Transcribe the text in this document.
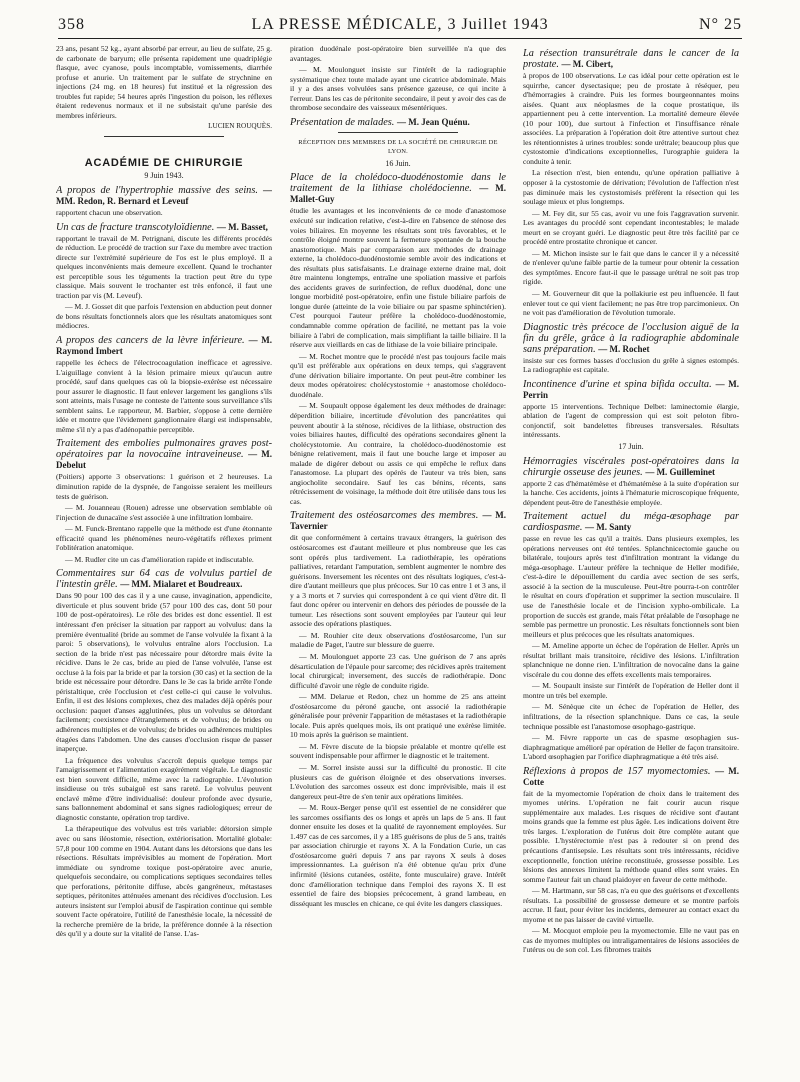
358	LA PRESSE MÉDICALE, 3 Juillet 1943	N° 25

23 ans, pesant 52 kg., ayant absorbé par erreur, au lieu de sulfate, 25 g. de carbonate de baryum; elle présenta rapidement une quadriplégie flasque, avec cyanose, pouls incomptable, vomissements, diarrhée profuse et anurie. Un traitement par le sulfate de strychnine en injections (24 mg. en 18 heures) fut institué et la régression des troubles fut rapide; 54 heures après l'ingestion du poison, les réflexes étaient redevenus normaux et il ne subsistait qu'une parésie des membres inférieurs.

LUCIEN ROUQUÈS.
ACADÉMIE DE CHIRURGIE
9 Juin 1943.
A propos de l'hypertrophie massive des seins. — MM. Redon, R. Bernard et Leveuf

rapportent chacun une observation.

Un cas de fracture transcotyloïdienne. — M. Basset,

rapportant le travail de M. Petrignani, discute les différents procédés de réduction. Le procédé de traction sur l'axe du membre avec traction directe sur l'extrémité supérieure de l'os est le plus employé. Il a quelques inconvénients mais demeure excellent. Quand le trochanter est perceptible sous les téguments la traction peut être du type classique. Mais souvent le trochanter est très enfoncé, il faut une traction par vis (M. Leveuf).

— M. J. Gosset dit que parfois l'extension en abduction peut donner de bons résultats fonctionnels alors que les résultats anatomiques sont médiocres.

A propos des cancers de la lèvre inférieure. — M. Raymond Imbert

rappelle les échecs de l'électrocoagulation inefficace et agressive. L'aiguillage convient à la lésion primaire mieux qu'aucun autre procédé, sauf dans quelques cas où la biopsie-exérèse est nécessaire pour assurer le diagnostic. Il faut enlever largement les ganglions s'ils sont atteints, mais l'usage ne conteste de l'attente sous surveillance s'ils semblent sains. Le rapporteur, M. Barbier, s'oppose à cette dernière idée et montre que l'évidement ganglionnaire élargi est indispensable, même s'il n'y a pas d'adénopathie perceptible.

Traitement des embolies pulmonaires graves post-opératoires par la novocaïne intraveineuse. — M. Debelut

(Poitiers) apporte 3 observations: 1 guérison et 2 heureuses. La diminution rapide de la dyspnée, de l'angoisse seraient les meilleurs tests de guérison.

— M. Jouanneau (Rouen) adresse une observation semblable où l'injection de dunacaïne s'est associée à une infiltration lombaire.

— M. Funck-Brentano rappelle que la méthode est d'une étonnante efficacité quand les phénomènes neuro-végétatifs réflexes priment l'oblitération anatomique.

— M. Rudler cite un cas d'amélioration rapide et indiscutable.

Commentaires sur 64 cas de volvulus partiel de l'intestin grêle. — MM. Mialaret et Boudreaux.

Dans 90 pour 100 des cas il y a une cause, invagination, appendicite, diverticule et plus souvent bride (57 pour 100 des cas, dont 50 pour 100 de post-opératoires). Le rôle des brides est donc essentiel. Il est intéressant d'en préciser la situation par rapport au volvulus: dans la première éventualité (bride au sommet de l'anse volvulée la fixant à la paroi: 5 observations), le volvulus entraîne alors l'occlusion. La section de la bride n'est pas nécessaire pour détordre mais évite la récidive. Dans le 2e cas, bride au pied de l'anse volvulée, l'anse est occluse à la fois par la bride et par la torsion (30 cas) et la section de la bride est nécessaire pour détordre. Dans le 3e cas la bride arrête l'onde péristaltique, crée l'occlusion et c'est celle-ci qui cause le volvulus. Enfin, il est des lésions complexes, chez des malades déjà opérés pour occlusion: paquet d'anses agglutinées, plus un volvulus se détordant facilement; coexistence d'étranglements et de volvulus; de brides ou adhérences multiples et de volvulus; de brides ou adhérences multiples étagées dans l'abdomen. Une des causes d'occlusion risque de passer inaperçue.

La fréquence des volvulus s'accroît depuis quelque temps par l'amaigrissement et l'alimentation exagérément végétale. Le diagnostic est bien souvent difficile, même avec la radiographie. L'évolution insidieuse ou très subaiguë est sans rareté. Le volvulus peuvent enclavé même d'être individualisé: douleur profonde avec dysurie, sans ballonnement abdominal et sans signes radiologiques; erreur de diagnostic constante, opération trop tardive.

La thérapeutique des volvulus est très variable: détorsion simple avec ou sans iléostomie, résection, extériorisation. Mortalité globale: 57,8 pour 100 comme en 1904. Autant dans les détorsions que dans les résections. Résultats imprévisibles au moment de l'opération. Mort immédiate ou syndrome toxique post-opératoire avec anurie, quelquefois secondaire, ou complications septiques secondaires telles que perforations, péritonite diffuse, abcès gangréneux, métastases septiques, péritonites atténuées amenant des récidives d'occlusion. Les auteurs insistent sur l'emploi abusif de l'aspiration continue qui semble souvent l'acte opératoire, l'utilité de l'anesthésie locale, la nécessité de la recherche première de la bride, la préférence donnée à la résection dès qu'il y a doute sur la vitalité de l'anse. L'as-

piration duodénale post-opératoire bien surveillée n'a que des avantages.

— M. Moulonguet insiste sur l'intérêt de la radiographie systématique chez toute malade ayant une cicatrice abdominale. Mais il y a des anses volvulées sans présence gazeuse, ce qui incite à l'erreur. Dans les cas de péritonite secondaire, il peut y avoir des cas de thrombose secondaire des vaisseaux mésentériques.

Présentation de malades. — M. Jean Quénu.
RÉCEPTION DES MEMBRES DE LA SOCIÉTÉ DE CHIRURGIE DE LYON.
16 Juin.
Place de la cholédoco-duodénostomie dans le traitement de la lithiase cholédocienne. — M. Mallet-Guy

étudie les avantages et les inconvénients de ce mode d'anastomose exécuté sur indication relative, c'est-à-dire en l'absence de sténose des voies biliaires. En moyenne les résultats sont très favorables, et le contrôle éloigné montre souvent la fermeture spontanée de la bouche anastomotique. Mais par comparaison aux méthodes de drainage externe, la cholédoco-duodénostomie semble avoir des indications et des résultats plus satisfaisants. Le drainage externe draine mal, doit être maintenu longtemps, entraîne une spoliation massive et parfois des accidents graves de surinfection, de reflux duodénal, donc une longue morbidité post-opératoire, enfin une fistule biliaire parfois de longue durée (atteinte de la voie biliaire ou par spasme sphinctérien). C'est pourquoi l'auteur préfère la cholédoco-duodénostomie, condamnable comme opération de facilité, ne mettant pas la voie biliaire à l'abri de complication, mais simplifiant la taille biliaire. Il la réserve aux vieillards en cas de lithiase de la voie biliaire principale.

— M. Rochet montre que le procédé n'est pas toujours facile mais qu'il est préférable aux opérations en deux temps, qui s'aggravent d'une dérivation biliaire importante. On peut peut-être combiner les deux modes opératoires: cholécystostomie + anastomose cholédoco-duodénale.

— M. Soupault oppose également les deux méthodes de drainage: déperdition biliaire, incertitude d'évolution des pancréatites qui peuvent aboutir à la sténose, récidives de la lithiase, obstruction des voies biliaires hautes, difficulté des opérations secondaires gênent la cholécystotomie. Au contraire, la cholédoco-duodénostomie est bénigne relativement, mais il faut une bouche large et imposer au malade de digérer debout ou assis ce qui empêche le reflux dans l'anastomose. La plupart des opérés de l'auteur va très bien, sans angiocholite secondaire. Sauf les cas bénins, récents, sans rétrécissement de voisinage, la méthode doit être utilisée dans tous les cas.

Traitement des ostéosarcomes des membres. — M. Tavernier

dit que conformément à certains travaux étrangers, la guérison des ostéosarcomes est d'autant meilleure et plus nombreuse que les cas sont opérés plus tardivement. La radiothérapie, les opérations palliatives, retardant l'amputation, semblent augmenter le nombre des guérisons. Inversement les récentes ont des résultats logiques, c'est-à-dire d'autant meilleurs que plus précoces. Sur 10 cas entre 1 et 3 ans, il y a 3 morts et 7 survies qui correspondent à ce qui vient d'être dit. Il faut donc opérer ou intervenir en dehors des périodes de poussée de la tumeur. Les résections sont souvent employées par l'auteur qui leur associe des opérations plastiques.

— M. Rouhier cite deux observations d'ostéosarcome, l'un sur maladie de Paget, l'autre sur blessure de guerre.

— M. Moulonguet apporte 23 cas. Une guérison de 7 ans après désarticulation de l'épaule pour sarcome; des récidives après traitement local chirurgical; inversement, des succès de radiothérapie. Donc difficulté d'avoir une règle de conduite rigide.

— MM. Delarue et Redon, chez un homme de 25 ans atteint d'ostéosarcome du péroné gauche, ont associé la radiothérapie généralisée pour prévenir l'apparition de métastases et la radiothérapie locale. Puis après quelques mois, ils ont pratiqué une exérèse limitée. 10 mois après la guérison se maintient.

— M. Fèvre discute de la biopsie préalable et montre qu'elle est souvent indispensable pour affirmer le diagnostic et le traitement.

— M. Sorrel insiste aussi sur la difficulté du pronostic. Il cite plusieurs cas de guérison éloignée et des observations inverses. L'évolution des sarcomes osseux est donc imprévisible, mais il est dangereux peut-être de s'en tenir aux opérations limitées.

— M. Roux-Berger pense qu'il est essentiel de ne considérer que les sarcomes ossifiants des os longs et après un laps de 5 ans. Il faut donner ensuite les doses et la qualité de rayonnement employées. Sur 1.497 cas de ces sarcomes, il y a 185 guérisons de plus de 5 ans, traités par association chirurgie et rayons X. A la Fondation Curie, un cas d'ostéosarcome guéri depuis 7 ans par rayons X seuls à doses impressionnantes. La guérison n'a été obtenue qu'au prix d'une infirmité (lésions cutanées, ostéite, fonte musculaire) grave. Intérêt donc d'amélioration technique dans l'emploi des rayons X. Il est essentiel de faire des biopsies précocement, à grand lambeau, en disséquant les muscles en chicane, ce qui évite les dangers classiques.

La résection transurétrale dans le cancer de la prostate. — M. Cibert,

à propos de 100 observations. Le cas idéal pour cette opération est le squirrhe, cancer dysectasique; peu de prostate à réséquer, peu d'hémorragies à craindre. Puis les formes bourgeonnantes moins aisées. Quant aux néoplasmes de la coque prostatique, ils appartiennent peu à cette intervention. La mortalité demeure élevée (10 pour 100), due surtout à l'infection et l'insuffisance rénale associées. La préparation à l'opération doit être attentive surtout chez les rétentionnistes à urines troubles: sonde urétrale; beaucoup plus que cystostomie d'indications exceptionnelles, l'urographie guidera la conduite à tenir.

La résection n'est, bien entendu, qu'une opération palliative à opposer à la cystostomie de dérivation; l'évolution de l'affection n'est pas diminuée mais les cystostomisés préfèrent la résection qui les soulage mieux et plus longtemps.

— M. Fey dit, sur 55 cas, avoir vu une fois l'aggravation survenir. Les avantages du procédé sont cependant incontestables; le malade meurt en se croyant guéri. Le diagnostic peut être très facilité par ce procédé entre prostatite chronique et cancer.

— M. Michon insiste sur le fait que dans le cancer il y a nécessité de n'enlever qu'une faible partie de la tumeur pour obtenir la cessation des symptômes. Encore faut-il que le passage urétral ne soit pas trop rigide.

— M. Gouverneur dit que la pollakiurie est peu influencée. Il faut enlever tout ce qui vient facilement; ne pas être trop parcimonieux. On ne voit pas d'amélioration de l'évolution tumorale.

Diagnostic très précoce de l'occlusion aiguë de la fin du grêle, grâce à la radiographie abdominale sans préparation. — M. Rochet

insiste sur ces formes basses d'occlusion du grêle à signes estompés. La radiographie est capitale.

Incontinence d'urine et spina bifida occulta. — M. Perrin

apporte 15 interventions. Technique Delbet: laminectomie élargie, ablation de l'agent de compression qui est soit peloton fibro-conjonctif, soit bandelettes fibreuses transversales. Résultats intéressants.

17 Juin.
Hémorragies viscérales post-opératoires dans la chirurgie osseuse des jeunes. — M. Guilleminet

apporte 2 cas d'hématémèse et d'hématémèse à la suite d'opération sur la hanche. Ces accidents, joints à l'hématurie microscopique fréquente, dépendent peut-être de l'anesthésie employée.

Traitement actuel du méga-œsophage par cardiospasme. — M. Santy

passe en revue les cas qu'il a traités. Dans plusieurs exemples, les opérations nerveuses ont été tentées. Splanchnicectomie gauche ou bilatérale, toujours après test d'infiltration montrant la vidange du méga-œsophage. L'auteur préfère la technique de Heller modifiée, c'est-à-dire le dépouillement du cardia avec section de ses serfs, associé à la section de la musculeuse. Peut-être pourra-t-on contrôler le résultat en cours d'opération et supprimer la section musculaire. Il use de l'anesthésie locale et de l'incision xypho-ombilicale. La proportion de succès est grande, mais l'état préalable de l'œsophage ne semble pas permettre un pronostic. Les résultats fonctionnels sont bien meilleurs et plus précoces que les résultats anatomiques.

— M. Ameline apporte un échec de l'opération de Heller. Après un résultat brillant mais transitoire, récidive des lésions. L'infiltration splanchnique ne donne rien. L'infiltration de novocaïne dans la gaine viscérale du cou donne des effets excellents mais temporaires.

— M. Soupault insiste sur l'intérêt de l'opération de Heller dont il montre un très bel exemple.

— M. Sénèque cite un échec de l'opération de Heller, des infiltrations, de la résection splanchnique. Dans ce cas, la seule technique possible est l'anastomose œsophago-gastrique.

— M. Fèvre rapporte un cas de spasme œsophagien sus-diaphragmatique amélioré par opération de Heller de façon transitoire. L'abord œsophagien par l'orifice diaphragmatique a été très aisé.

Réflexions à propos de 157 myomectomies. — M. Cotte

fait de la myomectomie l'opération de choix dans le traitement des myomes utérins. L'opération ne fait courir aucun risque supplémentaire aux malades. Les risques de récidive sont d'autant moins grands que la femme est plus âgée. Les indications doivent être très larges. L'exploration de l'utérus doit être complète autant que possible. L'hystérectomie n'est pas à redouter si on prend des précautions d'antisepsie. Les résultats sont très intéressants, récidive exceptionnelle, fonction utérine reconstituée, grossesse possible. Les lésions des annexes limitent la méthode quand elles sont vraies. En somme l'auteur fait un chaud plaidoyer en faveur de cette méthode.

— M. Hartmann, sur 58 cas, n'a eu que des guérisons et d'excellents résultats. La possibilité de grossesse demeure et se montre parfois accrue. Il faut, pour éviter les incidents, demeurer au contact exact du myome et ne pas laisser de cavité virtuelle.

— M. Mocquot emploie peu la myomectomie. Elle ne vaut pas en cas de myomes multiples ou intraligamentaires de lésions associées de l'utérus ou de son col. Les fibromes traités
